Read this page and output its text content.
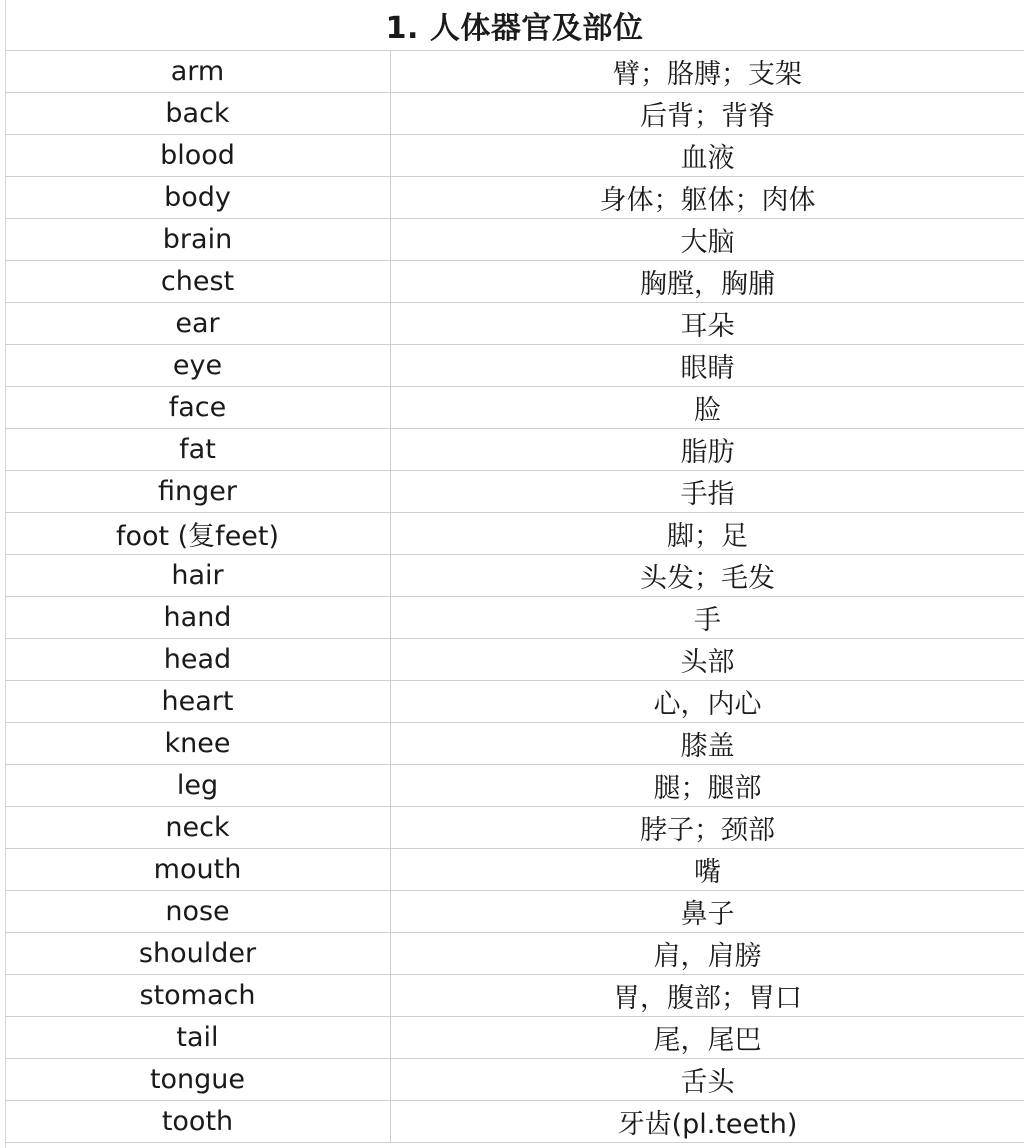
1. 人体器官及部位
arm	臂；胳膊；支架
back	后背；背脊
blood	血液
body	身体；躯体；肉体
brain	大脑
chest	胸膛，胸脯
ear	耳朵
eye	眼睛
face	脸
fat	脂肪
finger	手指
foot (复feet)	脚；足
hair	头发；毛发
hand	手
head	头部
heart	心，内心
knee	膝盖
leg	腿；腿部
neck	脖子；颈部
mouth	嘴
nose	鼻子
shoulder	肩，肩膀
stomach	胃，腹部；胃口
tail	尾，尾巴
tongue	舌头
tooth	牙齿(pl.teeth)
